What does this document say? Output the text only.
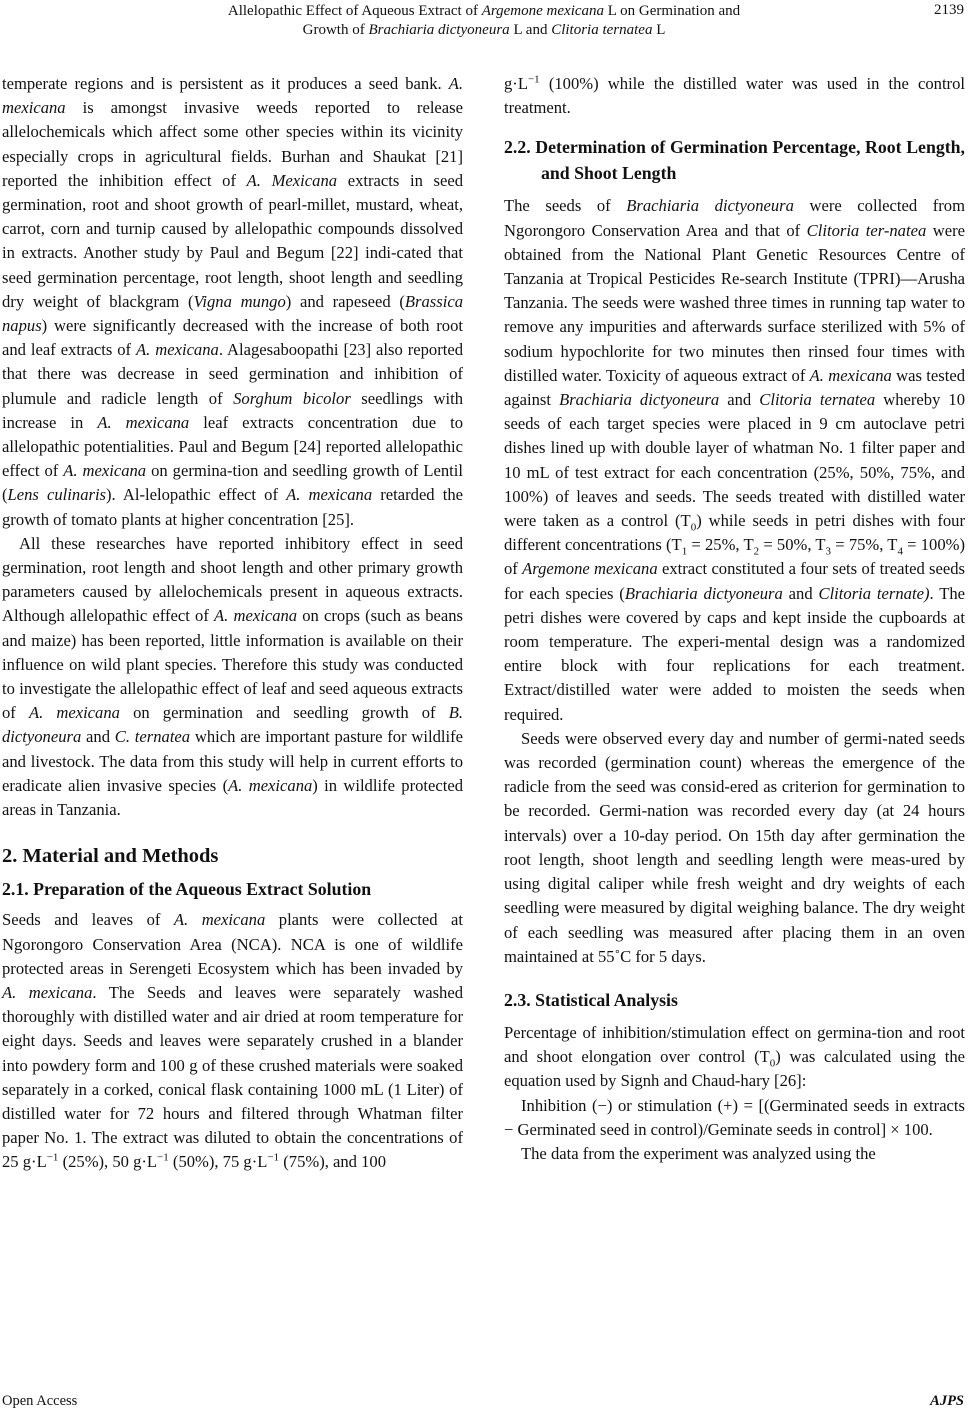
Allelopathic Effect of Aqueous Extract of Argemone mexicana L on Germination and
Growth of Brachiaria dictyoneura L and Clitoria ternatea L
2139

temperate regions and is persistent as it produces a seed bank. A. mexicana is amongst invasive weeds reported to release allelochemicals which affect some other species within its vicinity especially crops in agricultural fields. Burhan and Shaukat [21] reported the inhibition effect of A. Mexicana extracts in seed germination, root and shoot growth of pearl-millet, mustard, wheat, carrot, corn and turnip caused by allelopathic compounds dissolved in extracts. Another study by Paul and Begum [22] indi-cated that seed germination percentage, root length, shoot length and seedling dry weight of blackgram (Vigna mungo) and rapeseed (Brassica napus) were significantly decreased with the increase of both root and leaf extracts of A. mexicana. Alagesaboopathi [23] also reported that there was decrease in seed germination and inhibition of plumule and radicle length of Sorghum bicolor seedlings with increase in A. mexicana leaf extracts concentration due to allelopathic potentialities. Paul and Begum [24] reported allelopathic effect of A. mexicana on germina-tion and seedling growth of Lentil (Lens culinaris). Al-lelopathic effect of A. mexicana retarded the growth of tomato plants at higher concentration [25].

All these researches have reported inhibitory effect in seed germination, root length and shoot length and other primary growth parameters caused by allelochemicals present in aqueous extracts. Although allelopathic effect of A. mexicana on crops (such as beans and maize) has been reported, little information is available on their influence on wild plant species. Therefore this study was conducted to investigate the allelopathic effect of leaf and seed aqueous extracts of A. mexicana on germination and seedling growth of B. dictyoneura and C. ternatea which are important pasture for wildlife and livestock. The data from this study will help in current efforts to eradicate alien invasive species (A. mexicana) in wildlife protected areas in Tanzania.

2. Material and Methods
2.1. Preparation of the Aqueous Extract Solution

Seeds and leaves of A. mexicana plants were collected at Ngorongoro Conservation Area (NCA). NCA is one of wildlife protected areas in Serengeti Ecosystem which has been invaded by A. mexicana. The Seeds and leaves were separately washed thoroughly with distilled water and air dried at room temperature for eight days. Seeds and leaves were separately crushed in a blander into powdery form and 100 g of these crushed materials were soaked separately in a corked, conical flask containing 1000 mL (1 Liter) of distilled water for 72 hours and filtered through Whatman filter paper No. 1. The extract was diluted to obtain the concentrations of 25 $g\cdot L^{-1}$ (25%), 50 $g\cdot L^{-1}$ (50%), 75 $g\cdot L^{-1}$ (75%), and 100

$g\cdot L^{-1}$ (100%) while the distilled water was used in the control treatment.

2.2. Determination of Germination Percentage, Root Length, and Shoot Length

The seeds of Brachiaria dictyoneura were collected from Ngorongoro Conservation Area and that of Clitoria ter-natea were obtained from the National Plant Genetic Resources Centre of Tanzania at Tropical Pesticides Re-search Institute (TPRI)—Arusha Tanzania. The seeds were washed three times in running tap water to remove any impurities and afterwards surface sterilized with 5% of sodium hypochlorite for two minutes then rinsed four times with distilled water. Toxicity of aqueous extract of A. mexicana was tested against Brachiaria dictyoneura and Clitoria ternatea whereby 10 seeds of each target species were placed in 9 cm autoclave petri dishes lined up with double layer of whatman No. 1 filter paper and 10 mL of test extract for each concentration (25%, 50%, 75%, and 100%) of leaves and seeds. The seeds treated with distilled water were taken as a control $(T_0)$ while seeds in petri dishes with four different concentrations ($T_1 = 25\%$, $T_2 = 50\%$, $T_3 = 75\%$, $T_4 = 100\%$) of Argemone mexicana extract constituted a four sets of treated seeds for each species (Brachiaria dictyoneura and Clitoria ternate). The petri dishes were covered by caps and kept inside the cupboards at room temperature. The experi-mental design was a randomized entire block with four replications for each treatment. Extract/distilled water were added to moisten the seeds when required.

Seeds were observed every day and number of germi-nated seeds was recorded (germination count) whereas the emergence of the radicle from the seed was consid-ered as criterion for germination to be recorded. Germi-nation was recorded every day (at 24 hours intervals) over a 10-day period. On 15th day after germination the root length, shoot length and seedling length were meas-ured by using digital caliper while fresh weight and dry weights of each seedling were measured by digital weighing balance. The dry weight of each seedling was measured after placing them in an oven maintained at 55˚C for 5 days.

2.3. Statistical Analysis

Percentage of inhibition/stimulation effect on germina-tion and root and shoot elongation over control $(T_0)$ was calculated using the equation used by Signh and Chaud-hary [26]:

Inhibition (−) or stimulation (+) = [(Germinated seeds in extracts − Germinated seed in control)/Geminate seeds in control] × 100.

The data from the experiment was analyzed using the

Open Access	AJPS
